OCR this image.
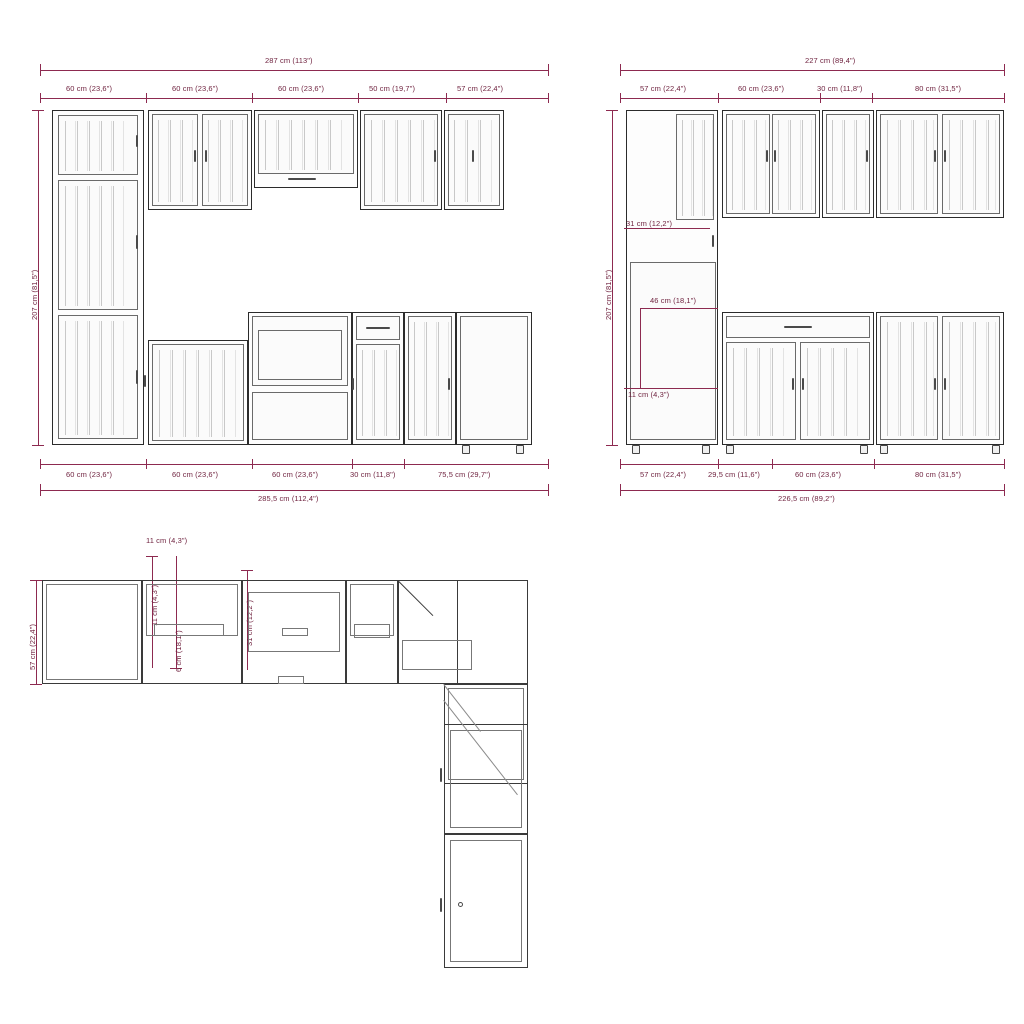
287 cm (113")
60 cm (23,6")	60 cm (23,6")	60 cm (23,6")	50 cm (19,7")	57 cm (22,4")
207 cm (81,5")
60 cm (23,6")	60 cm (23,6")	60 cm (23,6")	30 cm (11,8")	75,5 cm (29,7")
285,5 cm (112,4")
227 cm (89,4")
57 cm (22,4")	60 cm (23,6")	30 cm (11,8")	80 cm (31,5")
207 cm (81,5")
31 cm (12,2")
46 cm (18,1")
11 cm (4,3")
57 cm (22,4")	29,5 cm (11,6")	60 cm (23,6")	80 cm (31,5")
226,5 cm (89,2")
57 cm (22,4")
11 cm (4,3")
11 cm (4,3")
6 cm (18,1")
31 cm (12,2")
